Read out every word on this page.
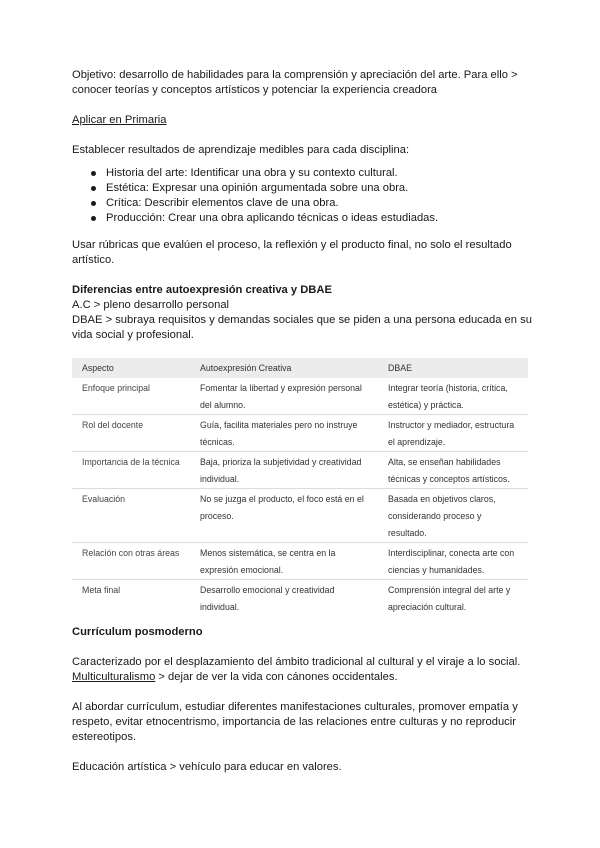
Objetivo: desarrollo de habilidades para la comprensión y apreciación del arte. Para ello > conocer teorías y conceptos artísticos y potenciar la experiencia creadora

Aplicar en Primaria

Establecer resultados de aprendizaje medibles para cada disciplina:

Historia del arte: Identificar una obra y su contexto cultural.
Estética: Expresar una opinión argumentada sobre una obra.
Crítica: Describir elementos clave de una obra.
Producción: Crear una obra aplicando técnicas o ideas estudiadas.

Usar rúbricas que evalúen el proceso, la reflexión y el producto final, no solo el resultado artístico.

Diferencias entre autoexpresión creativa y DBAE

A.C > pleno desarrollo personal

DBAE > subraya requisitos y demandas sociales que se piden a una persona educada en su vida social y profesional.

Aspecto	Autoexpresión Creativa	DBAE
Enfoque principal	Fomentar la libertad y expresión personal del alumno.	Integrar teoría (historia, crítica, estética) y práctica.
Rol del docente	Guía, facilita materiales pero no instruye técnicas.	Instructor y mediador, estructura el aprendizaje.
Importancia de la técnica	Baja, prioriza la subjetividad y creatividad individual.	Alta, se enseñan habilidades técnicas y conceptos artísticos.
Evaluación	No se juzga el producto, el foco está en el proceso.	Basada en objetivos claros, considerando proceso y resultado.
Relación con otras áreas	Menos sistemática, se centra en la expresión emocional.	Interdisciplinar, conecta arte con ciencias y humanidades.
Meta final	Desarrollo emocional y creatividad individual.	Comprensión integral del arte y apreciación cultural.

Currículum posmoderno

Caracterizado por el desplazamiento del ámbito tradicional al cultural y el viraje a lo social.
Multiculturalismo > dejar de ver la vida con cánones occidentales.

Al abordar currículum, estudiar diferentes manifestaciones culturales, promover empatía y respeto, evitar etnocentrismo, importancia de las relaciones entre culturas y no reproducir estereotipos.

Educación artística > vehículo para educar en valores.
